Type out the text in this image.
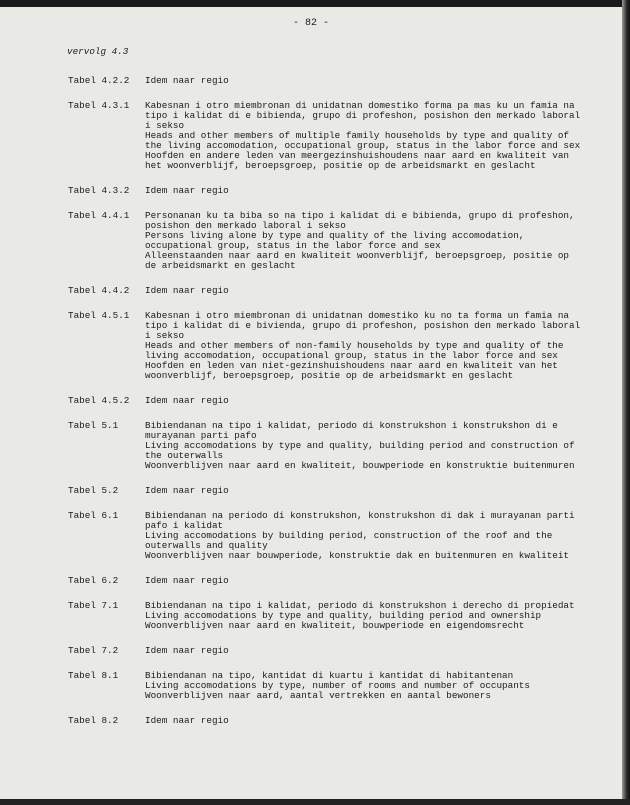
- 82 -
vervolg 4.3
Tabel 4.2.2	Idem naar regio
Tabel 4.3.1	Kabesnan i otro miembronan di unidatnan domestiko forma pa mas ku un famia na
tipo i kalidat di e bibienda, grupo di profeshon, posishon den merkado laboral
i sekso
Heads and other members of multiple family households by type and quality of
the living accomodation, occupational group, status in the labor force and sex
Hoofden en andere leden van meergezinshuishoudens naar aard en kwaliteit van
het woonverblijf, beroepsgroep, positie op de arbeidsmarkt en geslacht
Tabel 4.3.2	Idem naar regio
Tabel 4.4.1	Personanan ku ta biba so na tipo i kalidat di e bibienda, grupo di profeshon,
posishon den merkado laboral i sekso
Persons living alone by type and quality of the living accomodation,
occupational group, status in the labor force and sex
Alleenstaanden naar aard en kwaliteit woonverblijf, beroepsgroep, positie op
de arbeidsmarkt en geslacht
Tabel 4.4.2	Idem naar regio
Tabel 4.5.1	Kabesnan i otro miembronan di unidatnan domestiko ku no ta forma un famia na
tipo i kalidat di e bivienda, grupo di profeshon, posishon den merkado laboral
i sekso
Heads and other members of non-family households by type and quality of the
living accomodation, occupational group, status in the labor force and sex
Hoofden en leden van niet-gezinshuishoudens naar aard en kwaliteit van het
woonverblijf, beroepsgroep, positie op de arbeidsmarkt en geslacht
Tabel 4.5.2	Idem naar regio
Tabel 5.1	Bibiendanan na tipo i kalidat, periodo di konstrukshon i konstrukshon di e
murayanan parti pafo
Living accomodations by type and quality, building period and construction of
the outerwalls
Woonverblijven naar aard en kwaliteit, bouwperiode en konstruktie buitenmuren
Tabel 5.2	Idem naar regio
Tabel 6.1	Bibiendanan na periodo di konstrukshon, konstrukshon di dak i murayanan parti
pafo i kalidat
Living accomodations by building period, construction of the roof and the
outerwalls and quality
Woonverblijven naar bouwperiode, konstruktie dak en buitenmuren en kwaliteit
Tabel 6.2	Idem naar regio
Tabel 7.1	Bibiendanan na tipo i kalidat, periodo di konstrukshon i derecho di propiedat
Living accomodations by type and quality, building period and ownership
Woonverblijven naar aard en kwaliteit, bouwperiode en eigendomsrecht
Tabel 7.2	Idem naar regio
Tabel 8.1	Bibiendanan na tipo, kantidat di kuartu i kantidat di habitantenan
Living accomodations by type, number of rooms and number of occupants
Woonverblijven naar aard, aantal vertrekken en aantal bewoners
Tabel 8.2	Idem naar regio
